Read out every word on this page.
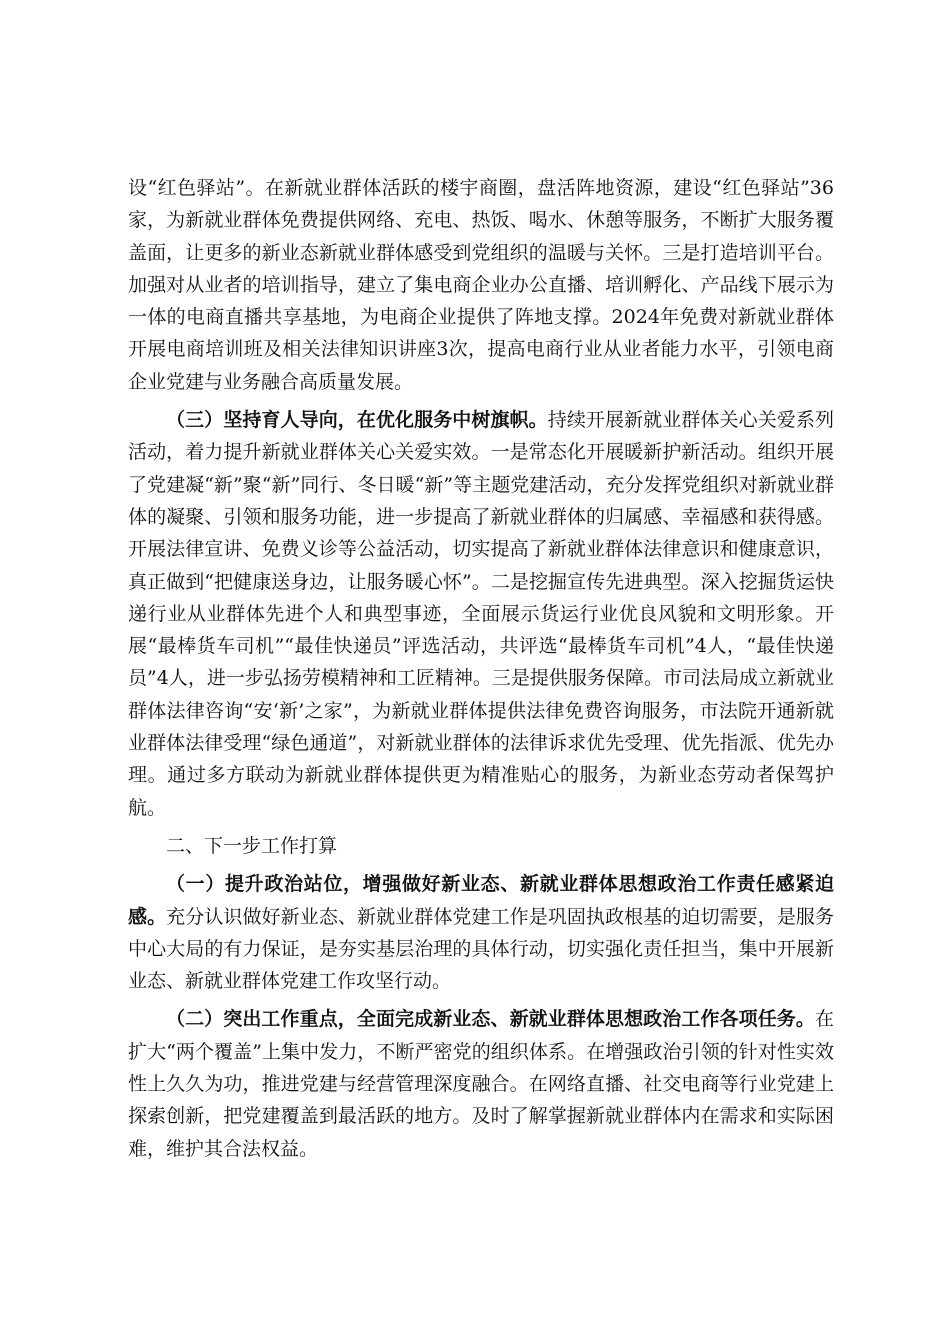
设“红色驿站”。在新就业群体活跃的楼宇商圈，盘活阵地资源，建设“红色驿站”36家，为新就业群体免费提供网络、充电、热饭、喝水、休憩等服务，不断扩大服务覆盖面，让更多的新业态新就业群体感受到党组织的温暖与关怀。三是打造培训平台。加强对从业者的培训指导，建立了集电商企业办公直播、培训孵化、产品线下展示为一体的电商直播共享基地，为电商企业提供了阵地支撑。2024年免费对新就业群体开展电商培训班及相关法律知识讲座3次，提高电商行业从业者能力水平，引领电商企业党建与业务融合高质量发展。

（三）坚持育人导向，在优化服务中树旗帜。持续开展新就业群体关心关爱系列活动，着力提升新就业群体关心关爱实效。一是常态化开展暖新护新活动。组织开展了党建凝“新”聚“新”同行、冬日暖“新”等主题党建活动，充分发挥党组织对新就业群体的凝聚、引领和服务功能，进一步提高了新就业群体的归属感、幸福感和获得感。开展法律宣讲、免费义诊等公益活动，切实提高了新就业群体法律意识和健康意识，真正做到“把健康送身边，让服务暖心怀”。二是挖掘宣传先进典型。深入挖掘货运快递行业从业群体先进个人和典型事迹，全面展示货运行业优良风貌和文明形象。开展“最棒货车司机”“最佳快递员”评选活动，共评选“最棒货车司机”4人，“最佳快递员”4人，进一步弘扬劳模精神和工匠精神。三是提供服务保障。市司法局成立新就业群体法律咨询“安‘新’之家”，为新就业群体提供法律免费咨询服务，市法院开通新就业群体法律受理“绿色通道”，对新就业群体的法律诉求优先受理、优先指派、优先办理。通过多方联动为新就业群体提供更为精准贴心的服务，为新业态劳动者保驾护航。

二、下一步工作打算

（一）提升政治站位，增强做好新业态、新就业群体思想政治工作责任感紧迫感。充分认识做好新业态、新就业群体党建工作是巩固执政根基的迫切需要，是服务中心大局的有力保证，是夯实基层治理的具体行动，切实强化责任担当，集中开展新业态、新就业群体党建工作攻坚行动。

（二）突出工作重点，全面完成新业态、新就业群体思想政治工作各项任务。在扩大“两个覆盖”上集中发力，不断严密党的组织体系。在增强政治引领的针对性实效性上久久为功，推进党建与经营管理深度融合。在网络直播、社交电商等行业党建上探索创新，把党建覆盖到最活跃的地方。及时了解掌握新就业群体内在需求和实际困难，维护其合法权益。
